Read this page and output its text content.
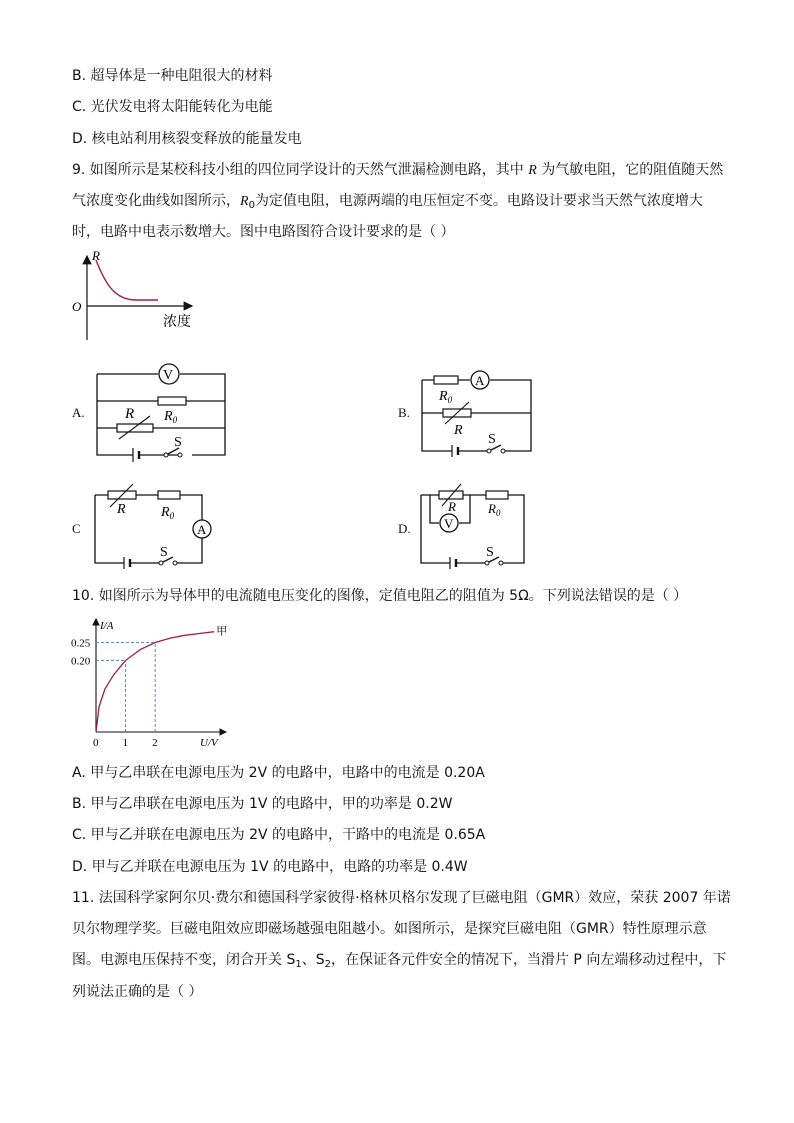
B. 超导体是一种电阻很大的材料
C. 光伏发电将太阳能转化为电能
D. 核电站利用核裂变释放的能量发电
9. 如图所示是某校科技小组的四位同学设计的天然气泄漏检测电路，其中 R 为气敏电阻，它的阻值随天然
气浓度变化曲线如图所示，$R_0$为定值电阻，电源两端的电压恒定不变。电路设计要求当天然气浓度增大
时，电路中电表示数增大。图中电路图符合设计要求的是（ ）
R
O
浓度
A.
V
$R_0$
R
S
B.
$R_0$
A
R
S
C
R	$R_0$
A
S
D.
R
V
$R_0$
S
10. 如图所示为导体甲的电流随电压变化的图像，定值电阻乙的阻值为 5Ω。下列说法错误的是（ ）
I/A
U/V
0 1 2
0.20
0.25
甲
A. 甲与乙串联在电源电压为 2V 的电路中，电路中的电流是 0.20A
B. 甲与乙串联在电源电压为 1V 的电路中，甲的功率是 0.2W
C. 甲与乙并联在电源电压为 2V 的电路中，干路中的电流是 0.65A
D. 甲与乙并联在电源电压为 1V 的电路中，电路的功率是 0.4W
11. 法国科学家阿尔贝·费尔和德国科学家彼得·格林贝格尔发现了巨磁电阻（GMR）效应，荣获 2007 年诺
贝尔物理学奖。巨磁电阻效应即磁场越强电阻越小。如图所示，是探究巨磁电阻（GMR）特性原理示意
图。电源电压保持不变，闭合开关 $S_1$、$S_2$，在保证各元件安全的情况下，当滑片 P 向左端移动过程中，下
列说法正确的是（ ）
